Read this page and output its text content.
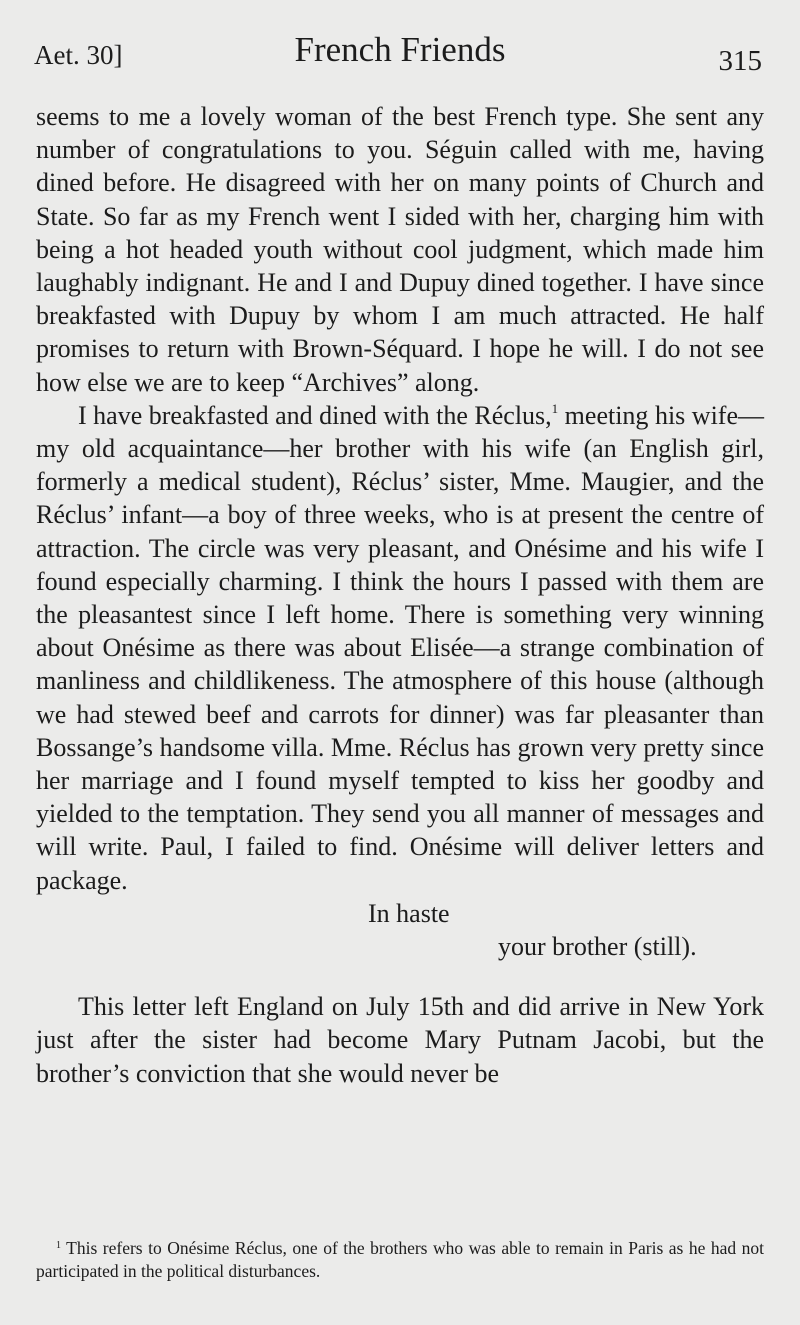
Aet. 30]	French Friends	315

seems to me a lovely woman of the best French type. She sent any number of congratulations to you. Séguin called with me, having dined before. He disagreed with her on many points of Church and State. So far as my French went I sided with her, charging him with being a hot headed youth without cool judgment, which made him laughably indignant. He and I and Dupuy dined together. I have since breakfasted with Dupuy by whom I am much attracted. He half promises to return with Brown-Séquard. I hope he will. I do not see how else we are to keep “Archives” along.

I have breakfasted and dined with the Réclus,$^1$ meeting his wife—my old acquaintance—her brother with his wife (an English girl, formerly a medical student), Réclus’ sister, Mme. Maugier, and the Réclus’ infant—a boy of three weeks, who is at present the centre of attraction. The circle was very pleasant, and Onésime and his wife I found especially charming. I think the hours I passed with them are the pleasantest since I left home. There is something very winning about Onésime as there was about Elisée—a strange combination of manliness and childlikeness. The atmosphere of this house (although we had stewed beef and carrots for dinner) was far pleasanter than Bossange’s handsome villa. Mme. Réclus has grown very pretty since her marriage and I found myself tempted to kiss her goodby and yielded to the temptation. They send you all manner of messages and will write. Paul, I failed to find. Onésime will deliver letters and package.

In haste

your brother (still).

This letter left England on July 15th and did arrive in New York just after the sister had become Mary Putnam Jacobi, but the brother’s conviction that she would never be

$^1$ This refers to Onésime Réclus, one of the brothers who was able to remain in Paris as he had not participated in the political disturbances.
